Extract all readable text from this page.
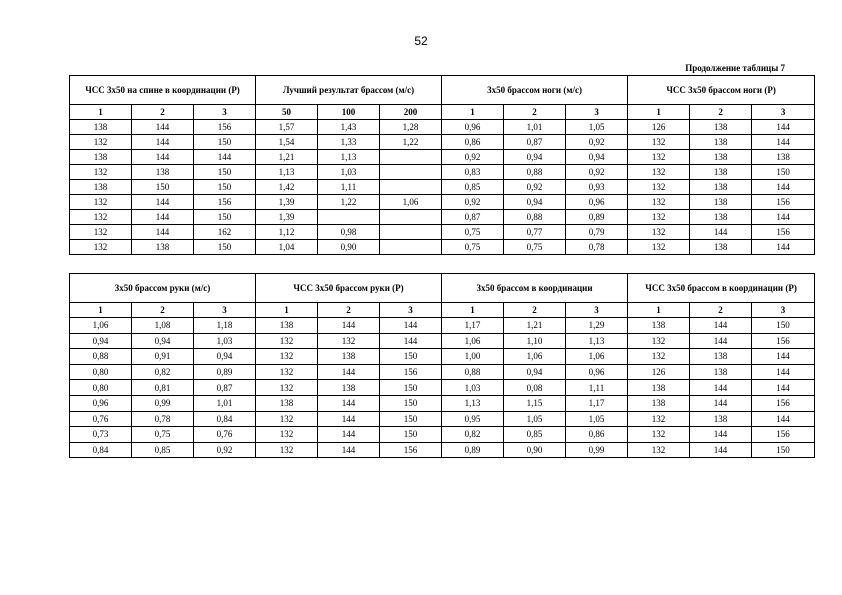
52
Продолжение таблицы 7
ЧСС 3x50 на спине в координации (Р)			Лучший результат брассом (м/с)			3x50 брассом ноги (м/с)			ЧСС 3x50 брассом ноги (Р)		
1	2	3	50	100	200	1	2	3	1	2	3
138	144	156	1,57	1,43	1,28	0,96	1,01	1,05	126	138	144
132	144	150	1,54	1,33	1,22	0,86	0,87	0,92	132	138	144
138	144	144	1,21	1,13		0,92	0,94	0,94	132	138	138
132	138	150	1,13	1,03		0,83	0,88	0,92	132	138	150
138	150	150	1,42	1,11		0,85	0,92	0,93	132	138	144
132	144	156	1,39	1,22	1,06	0,92	0,94	0,96	132	138	156
132	144	150	1,39			0,87	0,88	0,89	132	138	144
132	144	162	1,12	0,98		0,75	0,77	0,79	132	144	156
132	138	150	1,04	0,90		0,75	0,75	0,78	132	138	144
3x50 брассом руки (м/с)			ЧСС 3x50 брассом руки (Р)			3x50 брассом в координации			ЧСС 3x50 брассом в координации (Р)		
1	2	3	1	2	3	1	2	3	1	2	3
1,06	1,08	1,18	138	144	144	1,17	1,21	1,29	138	144	150
0,94	0,94	1,03	132	132	144	1,06	1,10	1,13	132	144	156
0,88	0,91	0,94	132	138	150	1,00	1,06	1,06	132	138	144
0,80	0,82	0,89	132	144	156	0,88	0,94	0,96	126	138	144
0,80	0,81	0,87	132	138	150	1,03	0,08	1,11	138	144	144
0,96	0,99	1,01	138	144	150	1,13	1,15	1,17	138	144	156
0,76	0,78	0,84	132	144	150	0,95	1,05	1,05	132	138	144
0,73	0,75	0,76	132	144	150	0,82	0,85	0,86	132	144	156
0,84	0,85	0,92	132	144	156	0,89	0,90	0,99	132	144	150
